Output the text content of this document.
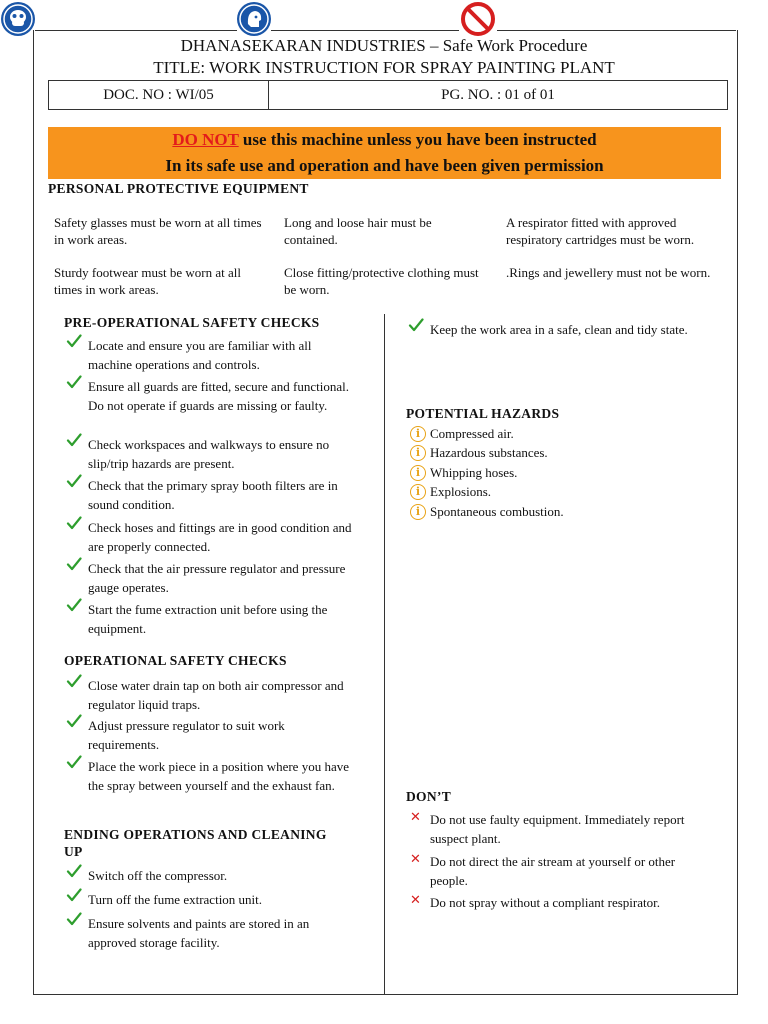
DHANASEKARAN INDUSTRIES – Safe Work Procedure
TITLE: WORK INSTRUCTION FOR SPRAY PAINTING PLANT
DOC. NO : WI/05	PG. NO. : 01 of 01
DO NOT use this machine unless you have been instructed
In its safe use and operation and have been given permission
PERSONAL PROTECTIVE EQUIPMENT
Safety glasses must be worn at all times in work areas.
Long and loose hair must be contained.
A respirator fitted with approved respiratory cartridges must be worn.
Sturdy footwear must be worn at all times in work areas.
Close fitting/protective clothing must be worn.
.Rings and jewellery must not be worn.
PRE-OPERATIONAL SAFETY CHECKS
Locate and ensure you are familiar with all machine operations and controls.
Ensure all guards are fitted, secure and functional. Do not operate if guards are missing or faulty.
Check workspaces and walkways to ensure no slip/trip hazards are present.
Check that the primary spray booth filters are in sound condition.
Check hoses and fittings are in good condition and are properly connected.
Check that the air pressure regulator and pressure gauge operates.
Start the fume extraction unit before using the equipment.
Close water drain tap on both air compressor and regulator liquid traps.
Adjust pressure regulator to suit work requirements.
Place the work piece in a position where you have the spray between yourself and the exhaust fan.
Switch off the compressor.
Turn off the fume extraction unit.
Ensure solvents and paints are stored in an approved storage facility.
OPERATIONAL SAFETY CHECKS
ENDING OPERATIONS AND CLEANING
UP
POTENTIAL HAZARDS
DON’T
Keep the work area in a safe, clean and tidy state.
i Compressed air.
i Hazardous substances.
i Whipping hoses.
i Explosions.
i Spontaneous combustion.
✕ Do not use faulty equipment. Immediately report suspect plant.
✕ Do not direct the air stream at yourself or other people.
✕ Do not spray without a compliant respirator.
